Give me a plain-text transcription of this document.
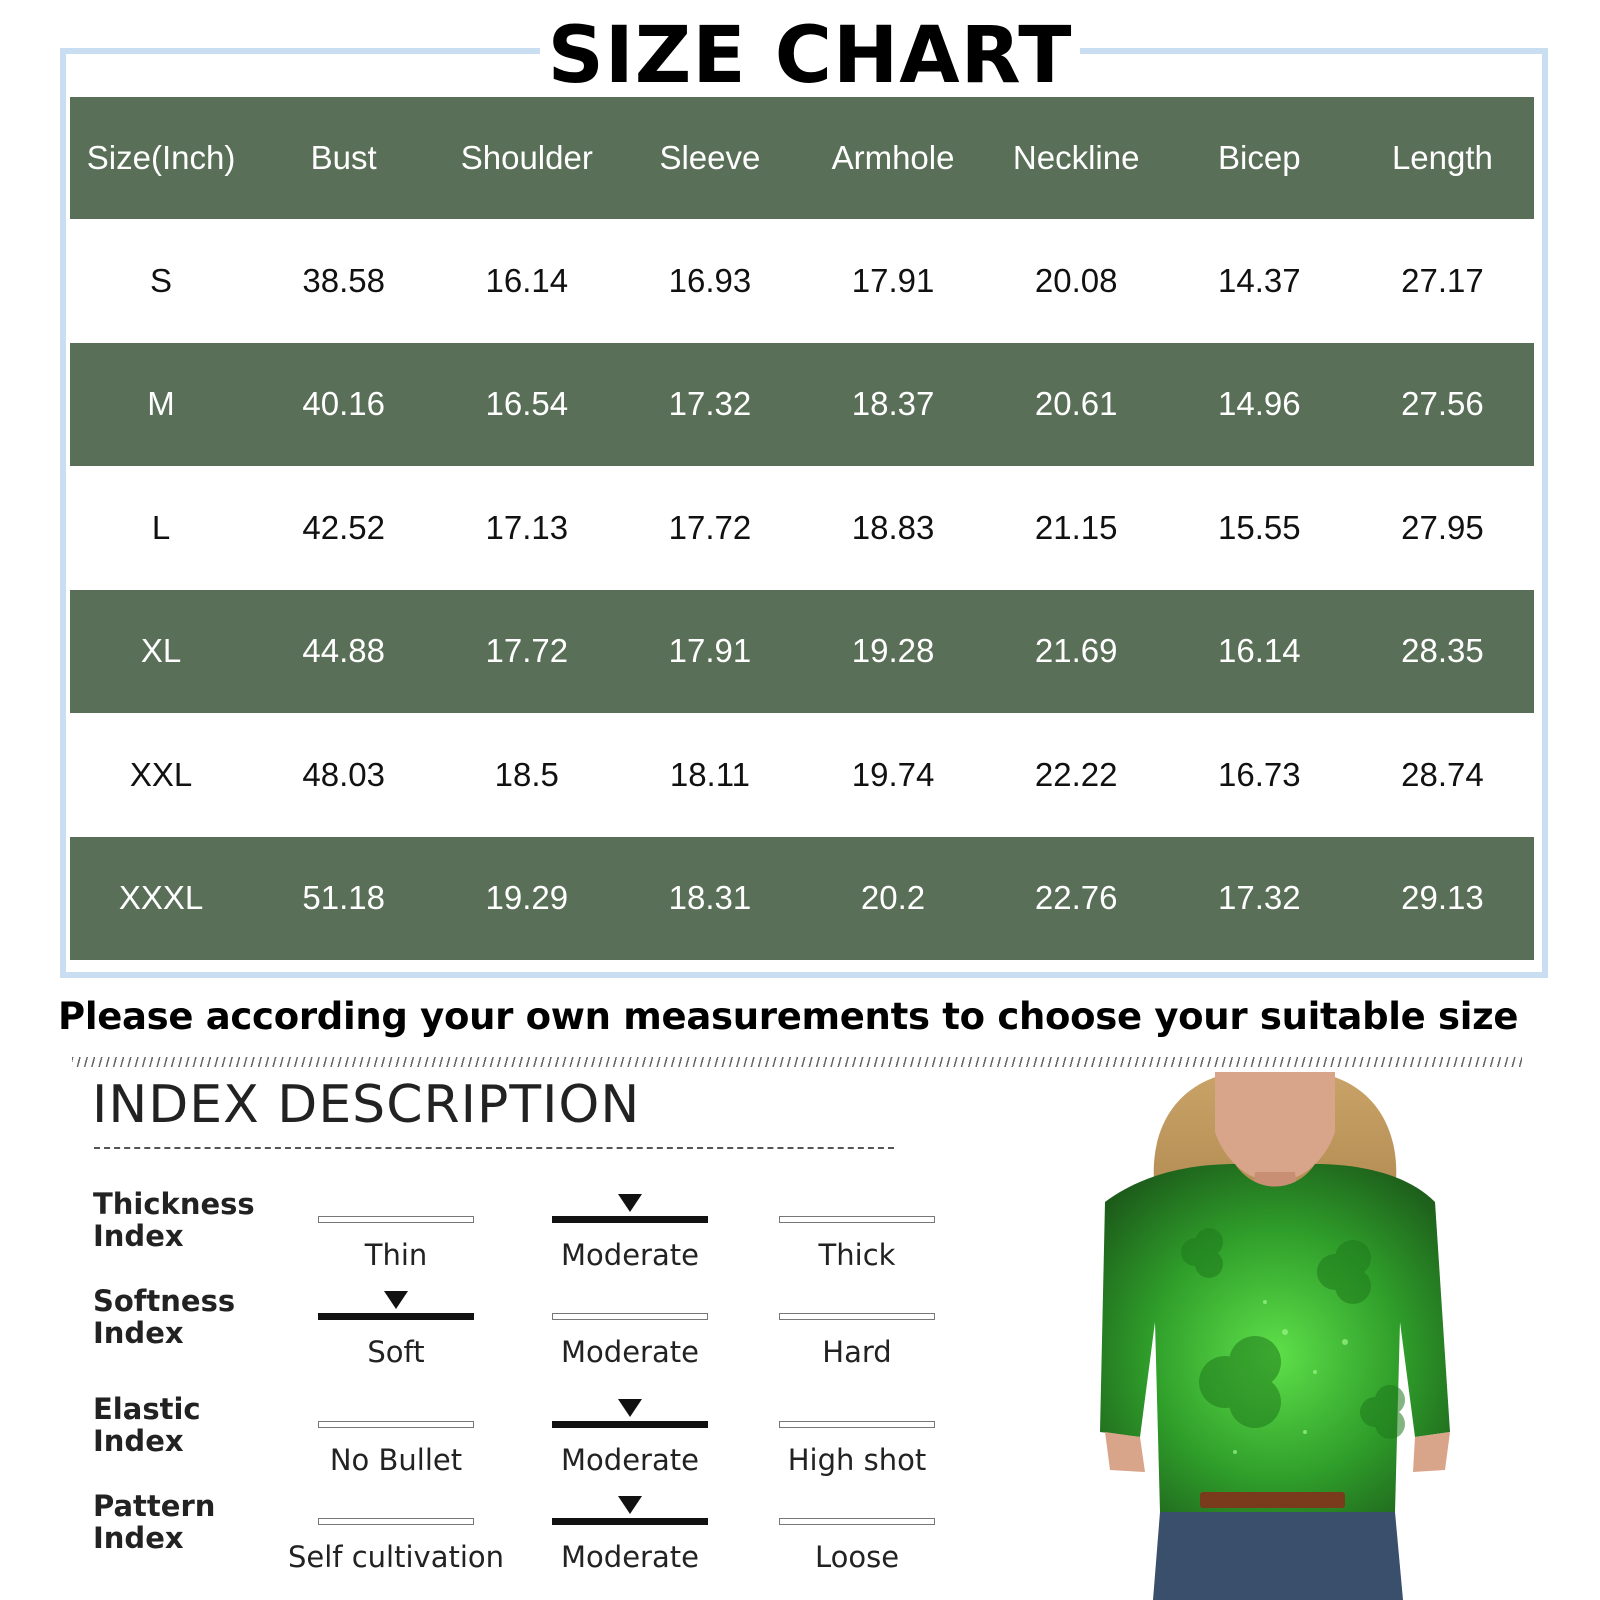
SIZE CHART
Size(Inch)	Bust	Shoulder	Sleeve	Armhole	Neckline	Bicep	Length
S	38.58	16.14	16.93	17.91	20.08	14.37	27.17
M	40.16	16.54	17.32	18.37	20.61	14.96	27.56
L	42.52	17.13	17.72	18.83	21.15	15.55	27.95
XL	44.88	17.72	17.91	19.28	21.69	16.14	28.35
XXL	48.03	18.5	18.11	19.74	22.22	16.73	28.74
XXXL	51.18	19.29	18.31	20.2	22.76	17.32	29.13
Please according your own measurements to choose your suitable size
INDEX DESCRIPTION
Thickness
Index
Thin	Moderate	Thick
Softness
Index
Soft	Moderate	Hard
Elastic
Index
No Bullet	Moderate	High shot
Pattern
Index
Self cultivation	Moderate	Loose
